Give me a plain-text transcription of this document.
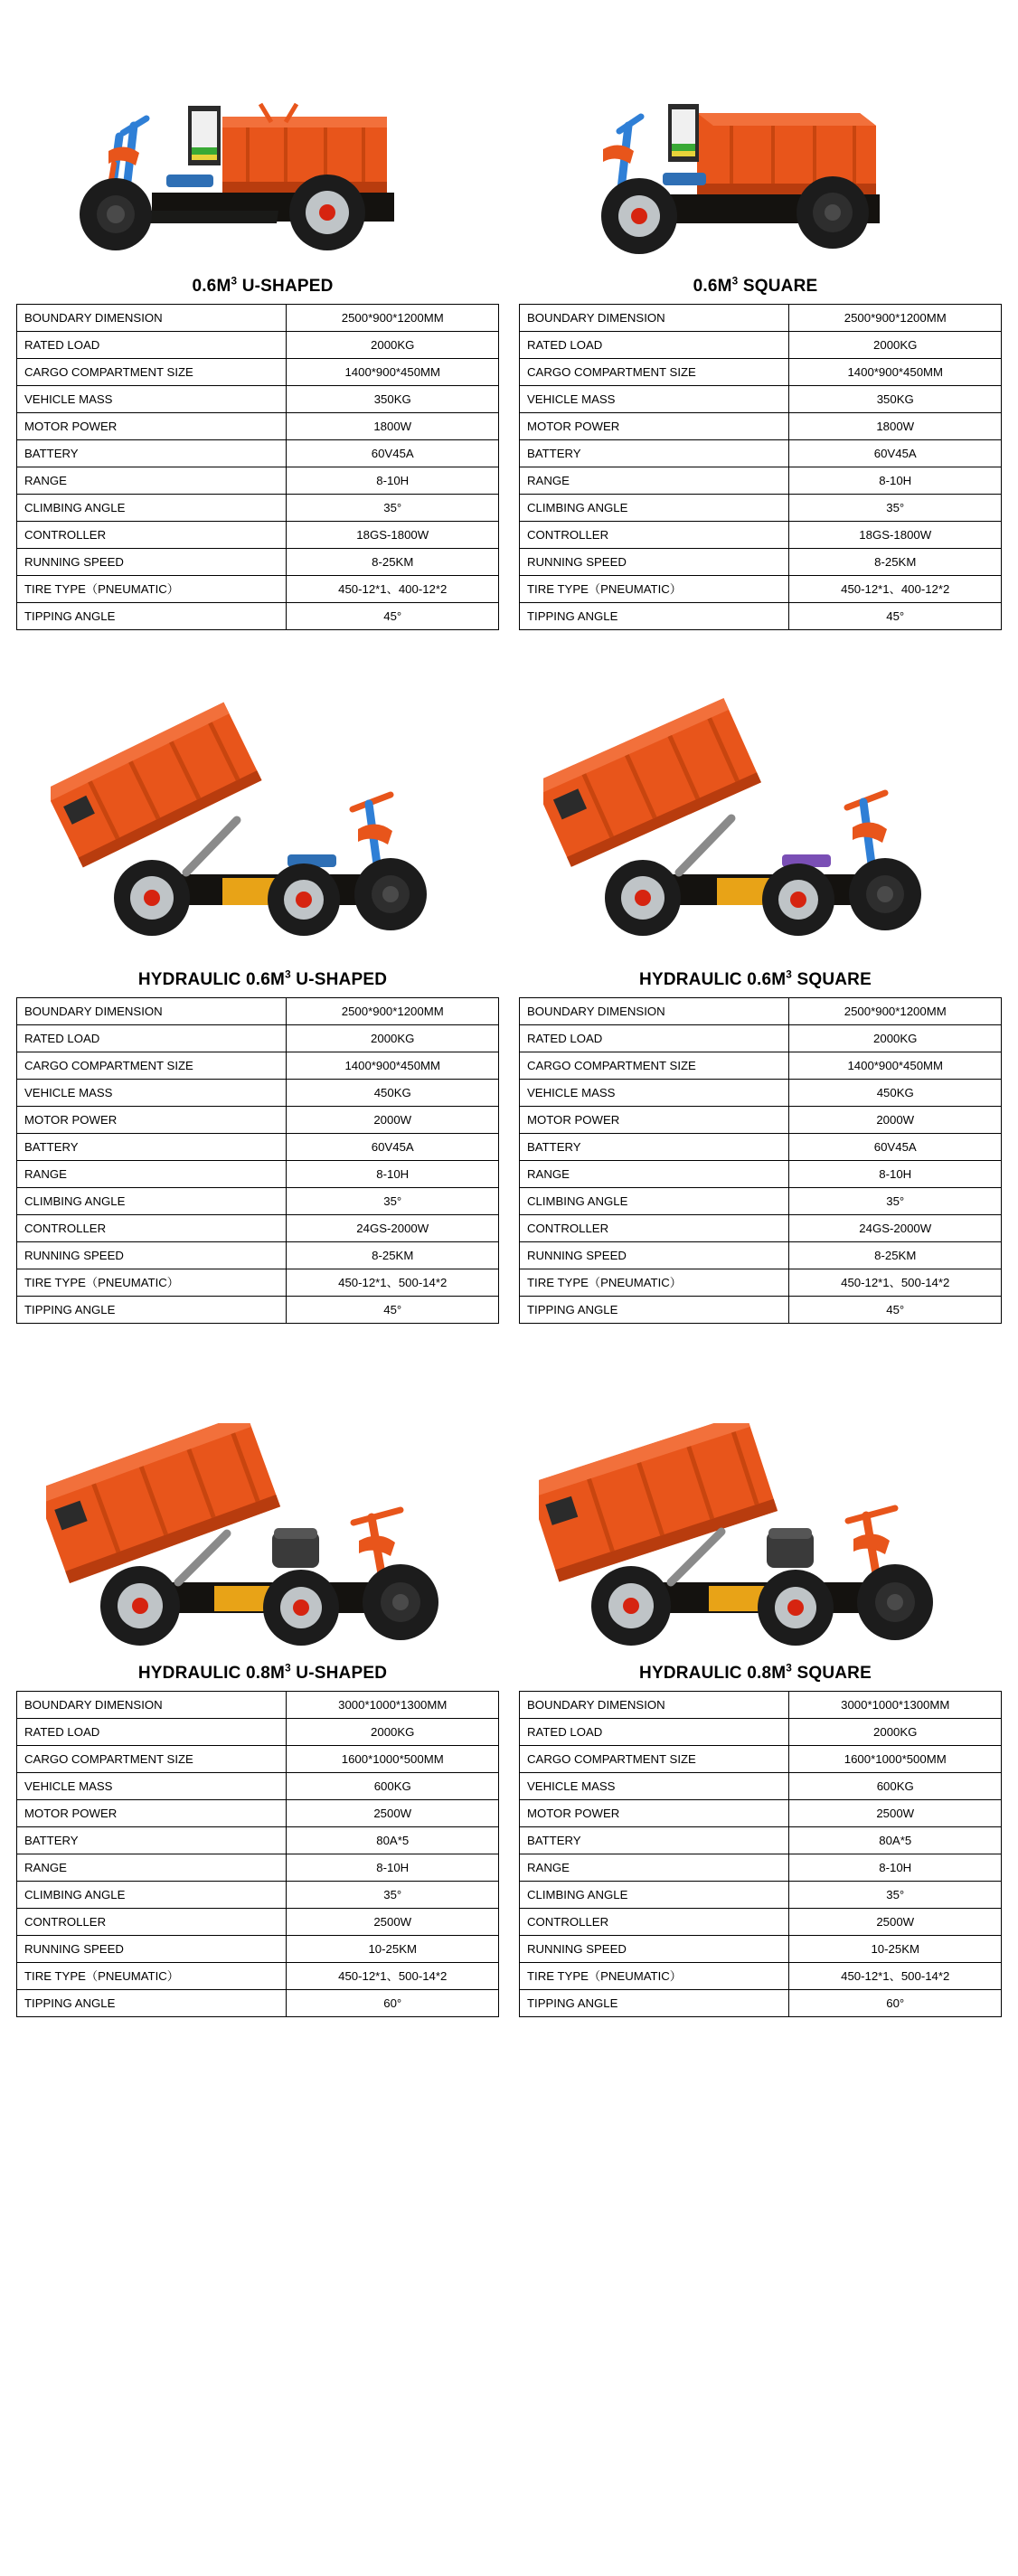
$0.6M^3$ U-SHAPED	$0.6M^3$ SQUARE
BOUNDARY DIMENSION	2500*900*1200MM
RATED LOAD	2000KG
CARGO COMPARTMENT SIZE	1400*900*450MM
VEHICLE MASS	350KG
MOTOR POWER	1800W
BATTERY	60V45A
RANGE	8-10H
CLIMBING ANGLE	35°
CONTROLLER	18GS-1800W
RUNNING SPEED	8-25KM
TIRE TYPE（PNEUMATIC）	450-12*1、400-12*2
TIPPING ANGLE	45°
BOUNDARY DIMENSION	2500*900*1200MM
RATED LOAD	2000KG
CARGO COMPARTMENT SIZE	1400*900*450MM
VEHICLE MASS	350KG
MOTOR POWER	1800W
BATTERY	60V45A
RANGE	8-10H
CLIMBING ANGLE	35°
CONTROLLER	18GS-1800W
RUNNING SPEED	8-25KM
TIRE TYPE（PNEUMATIC）	450-12*1、400-12*2
TIPPING ANGLE	45°
HYDRAULIC $0.6M^3$ U-SHAPED	HYDRAULIC $0.6M^3$ SQUARE
BOUNDARY DIMENSION	2500*900*1200MM
RATED LOAD	2000KG
CARGO COMPARTMENT SIZE	1400*900*450MM
VEHICLE MASS	450KG
MOTOR POWER	2000W
BATTERY	60V45A
RANGE	8-10H
CLIMBING ANGLE	35°
CONTROLLER	24GS-2000W
RUNNING SPEED	8-25KM
TIRE TYPE（PNEUMATIC）	450-12*1、500-14*2
TIPPING ANGLE	45°
BOUNDARY DIMENSION	2500*900*1200MM
RATED LOAD	2000KG
CARGO COMPARTMENT SIZE	1400*900*450MM
VEHICLE MASS	450KG
MOTOR POWER	2000W
BATTERY	60V45A
RANGE	8-10H
CLIMBING ANGLE	35°
CONTROLLER	24GS-2000W
RUNNING SPEED	8-25KM
TIRE TYPE（PNEUMATIC）	450-12*1、500-14*2
TIPPING ANGLE	45°
HYDRAULIC $0.8M^3$ U-SHAPED	HYDRAULIC $0.8M^3$ SQUARE
BOUNDARY DIMENSION	3000*1000*1300MM
RATED LOAD	2000KG
CARGO COMPARTMENT SIZE	1600*1000*500MM
VEHICLE MASS	600KG
MOTOR POWER	2500W
BATTERY	80A*5
RANGE	8-10H
CLIMBING ANGLE	35°
CONTROLLER	2500W
RUNNING SPEED	10-25KM
TIRE TYPE（PNEUMATIC）	450-12*1、500-14*2
TIPPING ANGLE	60°
BOUNDARY DIMENSION	3000*1000*1300MM
RATED LOAD	2000KG
CARGO COMPARTMENT SIZE	1600*1000*500MM
VEHICLE MASS	600KG
MOTOR POWER	2500W
BATTERY	80A*5
RANGE	8-10H
CLIMBING ANGLE	35°
CONTROLLER	2500W
RUNNING SPEED	10-25KM
TIRE TYPE（PNEUMATIC）	450-12*1、500-14*2
TIPPING ANGLE	60°
